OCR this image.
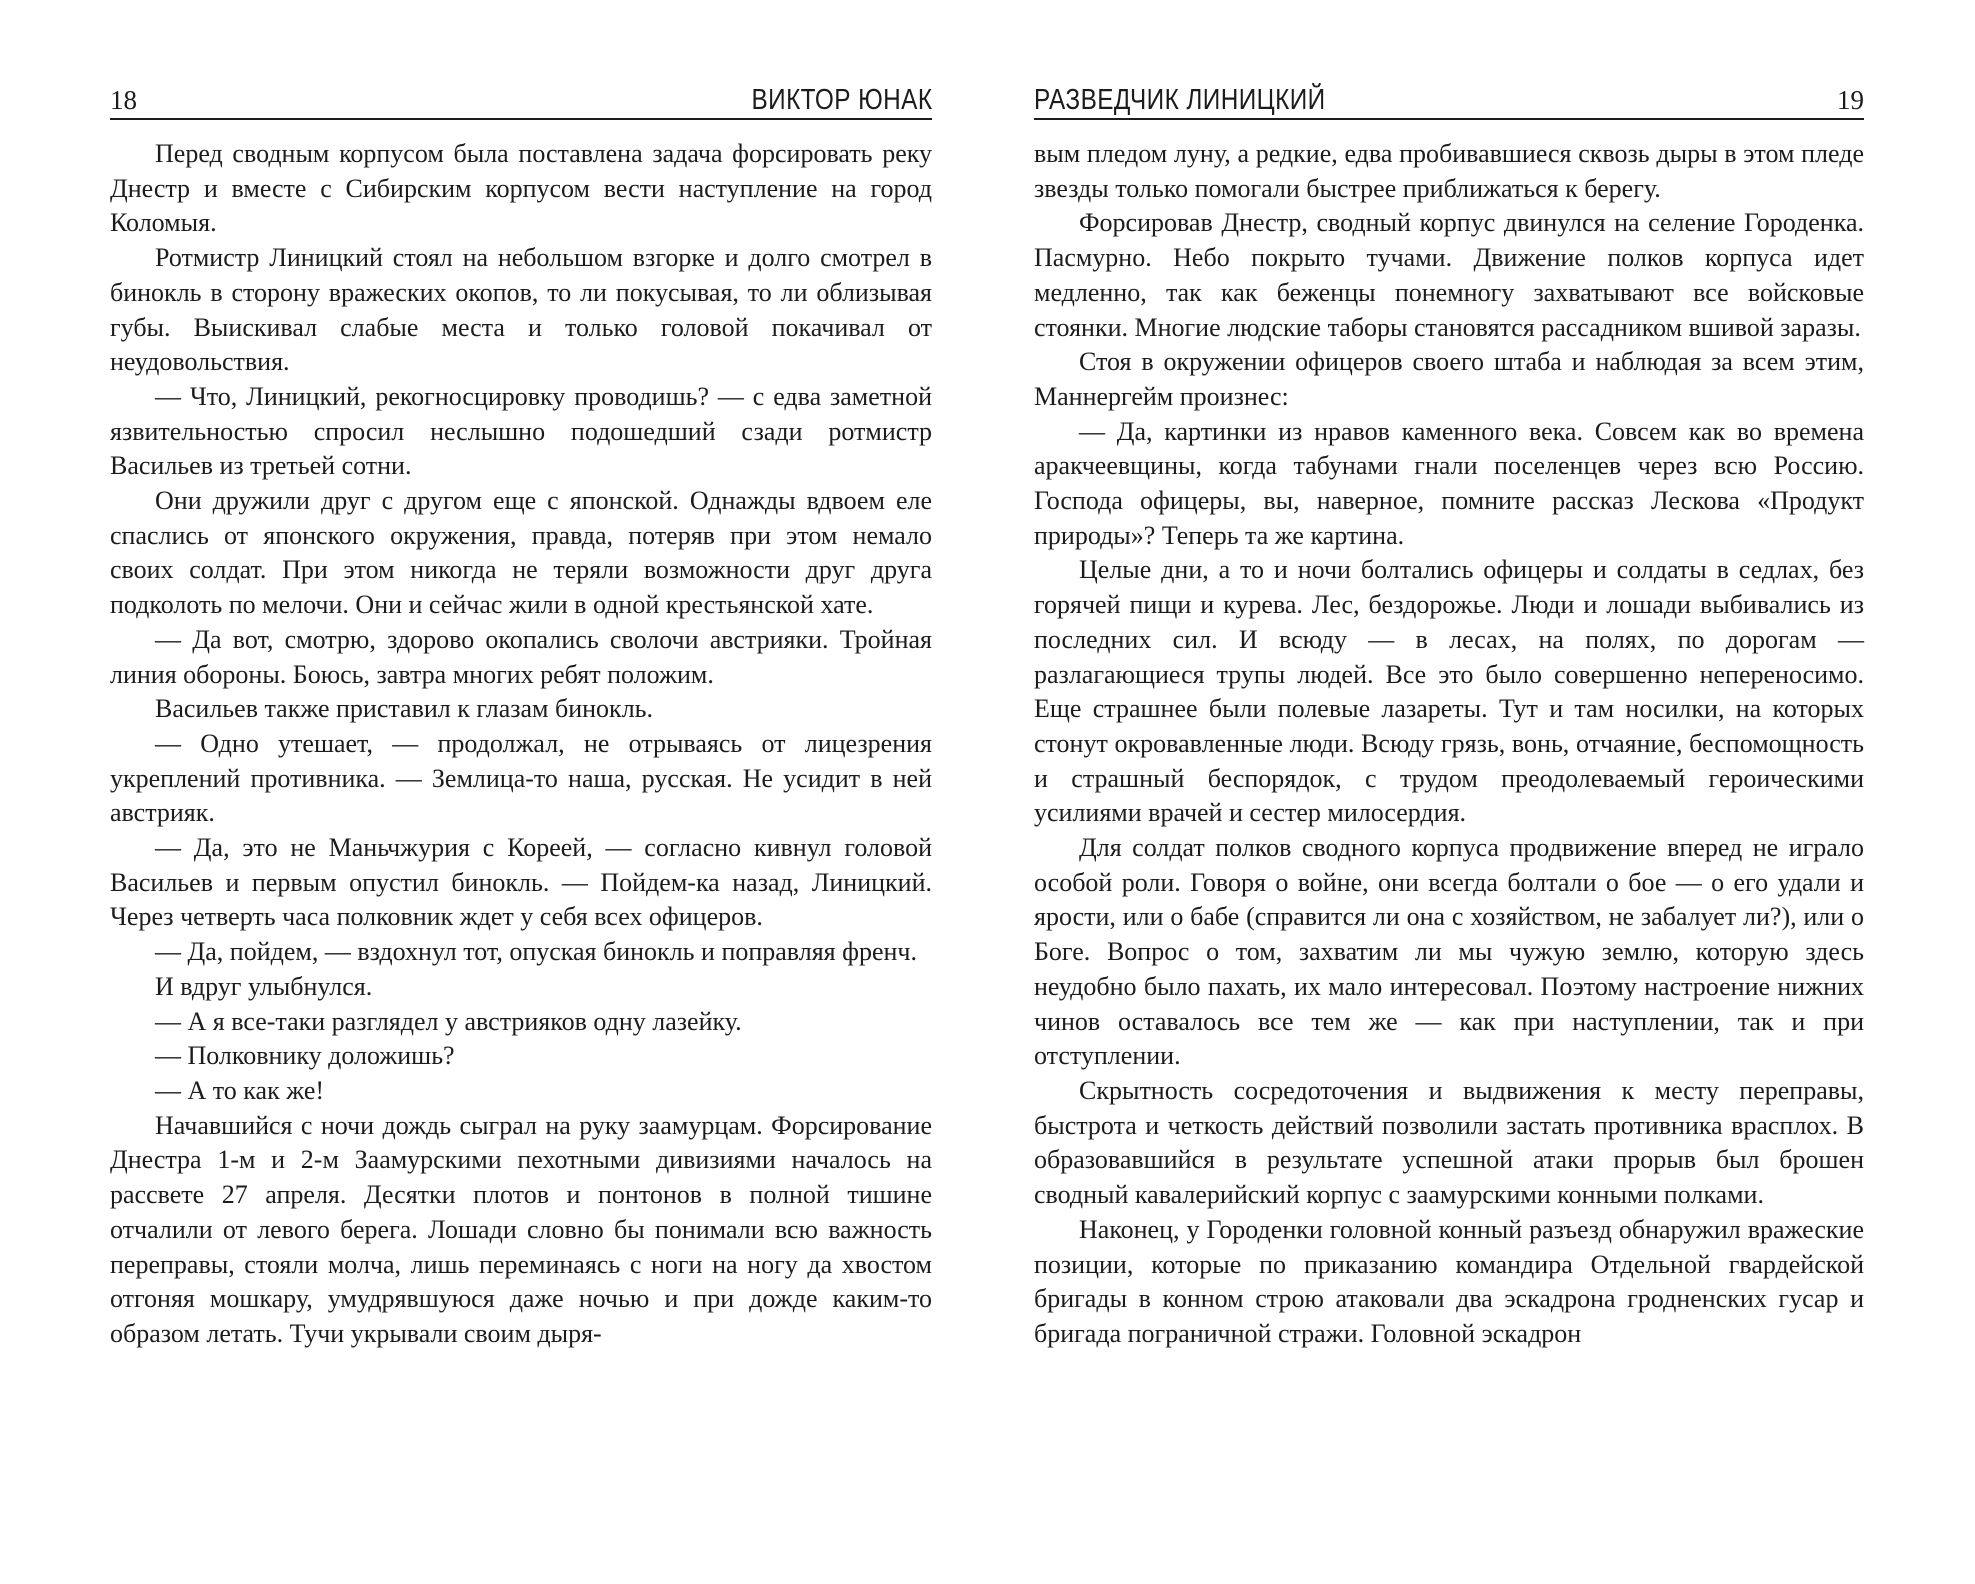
18	ВИКТОР ЮНАК

Перед сводным корпусом была поставлена задача форсировать реку Днестр и вместе с Сибирским корпусом вести наступление на город Коломыя.

Ротмистр Линицкий стоял на небольшом взгорке и долго смотрел в бинокль в сторону вражеских окопов, то ли покусывая, то ли облизывая губы. Выискивал слабые места и только головой покачивал от неудовольствия.

— Что, Линицкий, рекогносцировку проводишь? — с едва заметной язвительностью спросил неслышно подошедший сзади ротмистр Васильев из третьей сотни.

Они дружили друг с другом еще с японской. Однажды вдвоем еле спаслись от японского окружения, правда, потеряв при этом немало своих солдат. При этом никогда не теряли возможности друг друга подколоть по мелочи. Они и сейчас жили в одной крестьянской хате.

— Да вот, смотрю, здорово окопались сволочи австрияки. Тройная линия обороны. Боюсь, завтра многих ребят положим.

Васильев также приставил к глазам бинокль.

— Одно утешает, — продолжал, не отрываясь от лицезрения укреплений противника. — Землица-то наша, русская. Не усидит в ней австрияк.

— Да, это не Маньчжурия с Кореей, — согласно кивнул головой Васильев и первым опустил бинокль. — Пойдем-ка назад, Линицкий. Через четверть часа полковник ждет у себя всех офицеров.

— Да, пойдем, — вздохнул тот, опуская бинокль и поправляя френч.

И вдруг улыбнулся.

— А я все-таки разглядел у австрияков одну лазейку.

— Полковнику доложишь?

— А то как же!

Начавшийся с ночи дождь сыграл на руку заамурцам. Форсирование Днестра 1-м и 2-м Заамурскими пехотными дивизиями началось на рассвете 27 апреля. Десятки плотов и понтонов в полной тишине отчалили от левого берега. Лошади словно бы понимали всю важность переправы, стояли молча, лишь переминаясь с ноги на ногу да хвостом отгоняя мошкару, умудрявшуюся даже ночью и при дожде каким-то образом летать. Тучи укрывали своим дыря-

РАЗВЕДЧИК ЛИНИЦКИЙ	19

вым пледом луну, а редкие, едва пробивавшиеся сквозь дыры в этом пледе звезды только помогали быстрее приближаться к берегу.

Форсировав Днестр, сводный корпус двинулся на селение Городенка. Пасмурно. Небо покрыто тучами. Движение полков корпуса идет медленно, так как беженцы понемногу захватывают все войсковые стоянки. Многие людские таборы становятся рассадником вшивой заразы.

Стоя в окружении офицеров своего штаба и наблюдая за всем этим, Маннергейм произнес:

— Да, картинки из нравов каменного века. Совсем как во времена аракчеевщины, когда табунами гнали поселенцев через всю Россию. Господа офицеры, вы, наверное, помните рассказ Лескова «Продукт природы»? Теперь та же картина.

Целые дни, а то и ночи болтались офицеры и солдаты в седлах, без горячей пищи и курева. Лес, бездорожье. Люди и лошади выбивались из последних сил. И всюду — в лесах, на полях, по дорогам — разлагающиеся трупы людей. Все это было совершенно непереносимо. Еще страшнее были полевые лазареты. Тут и там носилки, на которых стонут окровавленные люди. Всюду грязь, вонь, отчаяние, беспомощность и страшный беспорядок, с трудом преодолеваемый героическими усилиями врачей и сестер милосердия.

Для солдат полков сводного корпуса продвижение вперед не играло особой роли. Говоря о войне, они всегда болтали о бое — о его удали и ярости, или о бабе (справится ли она с хозяйством, не забалует ли?), или о Боге. Вопрос о том, захватим ли мы чужую землю, которую здесь неудобно было пахать, их мало интересовал. Поэтому настроение нижних чинов оставалось все тем же — как при наступлении, так и при отступлении.

Скрытность сосредоточения и выдвижения к месту переправы, быстрота и четкость действий позволили застать противника врасплох. В образовавшийся в результате успешной атаки прорыв был брошен сводный кавалерийский корпус с заамурскими конными полками.

Наконец, у Городенки головной конный разъезд обнаружил вражеские позиции, которые по приказанию командира Отдельной гвардейской бригады в конном строю атаковали два эскадрона гродненских гусар и бригада пограничной стражи. Головной эскадрон
